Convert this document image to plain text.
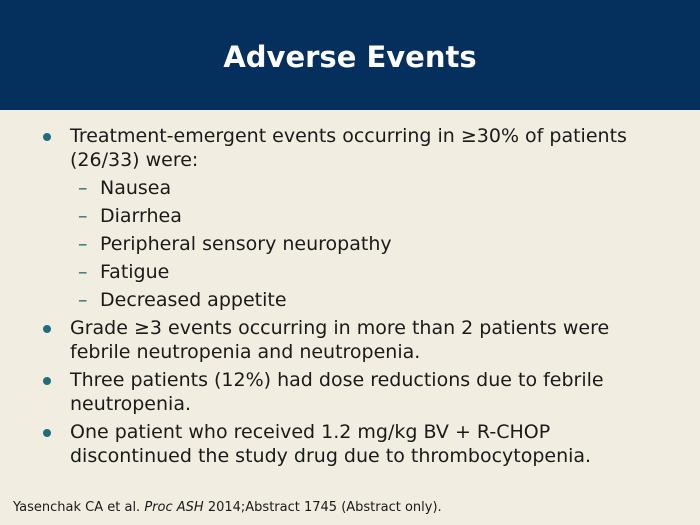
Adverse Events
Treatment-emergent events occurring in ≥30% of patients (26/33) were:
– Nausea
– Diarrhea
– Peripheral sensory neuropathy
– Fatigue
– Decreased appetite
Grade ≥3 events occurring in more than 2 patients were febrile neutropenia and neutropenia.
Three patients (12%) had dose reductions due to febrile neutropenia.
One patient who received 1.2 mg/kg BV + R-CHOP discontinued the study drug due to thrombocytopenia.
Yasenchak CA et al. Proc ASH 2014;Abstract 1745 (Abstract only).
